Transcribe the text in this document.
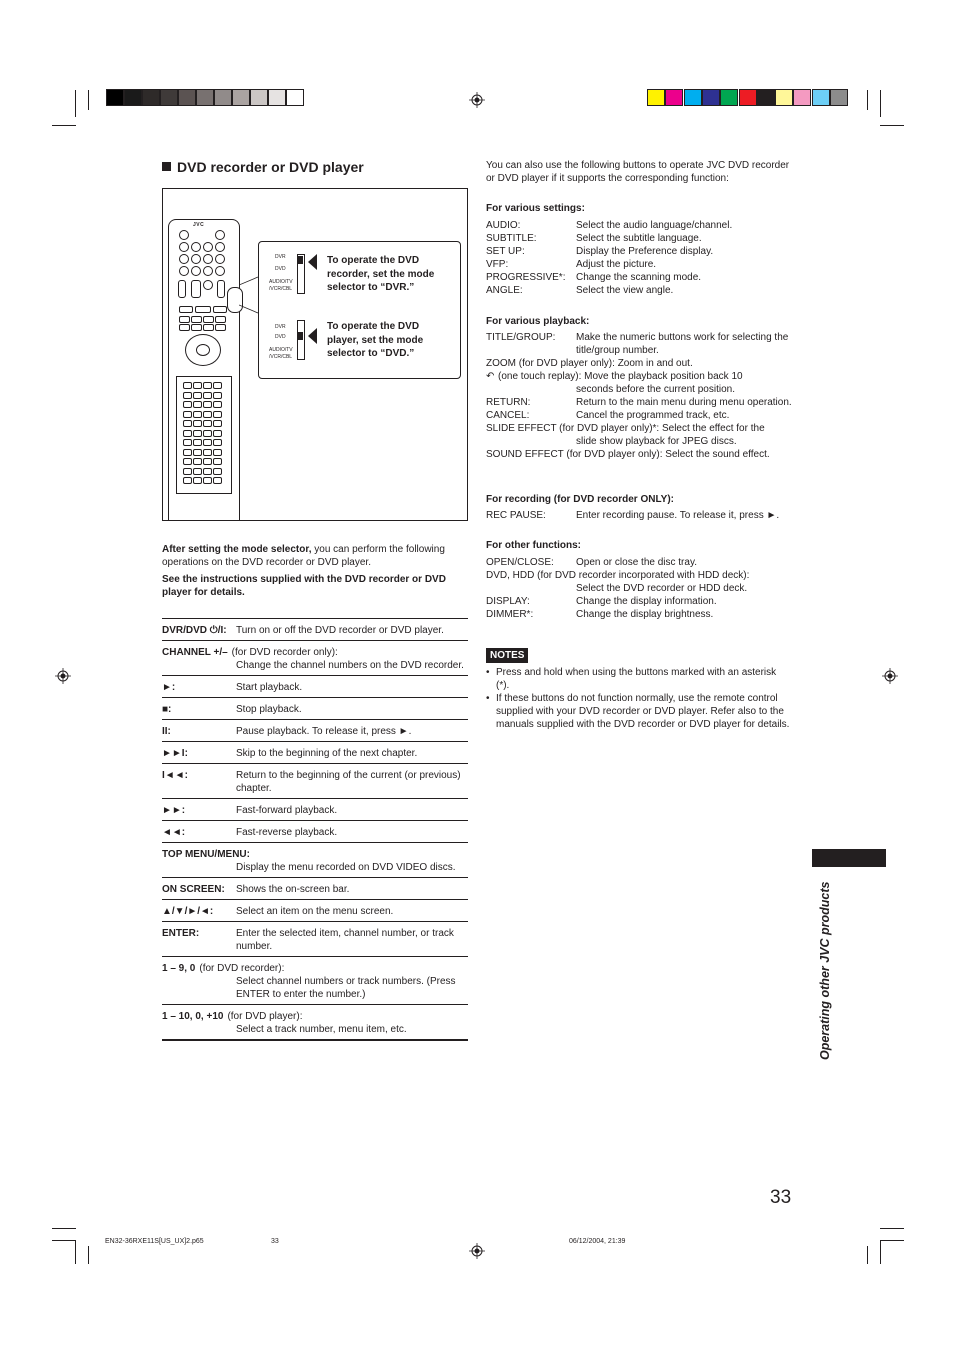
DVD recorder or DVD player
JVC
DVR
DVD
AUDIO/TV
/VCR/CBL
To operate the DVD recorder, set the mode selector to “DVR.”
DVR
DVD
AUDIO/TV
/VCR/CBL
To operate the DVD player, set the mode selector to “DVD.”
After setting the mode selector, you can perform the following operations on the DVD recorder or DVD player.
See the instructions supplied with the DVD recorder or DVD player for details.
DVR/DVD ⏻/I: Turn on or off the DVD recorder or DVD player.
CHANNEL +/– (for DVD recorder only):
Change the channel numbers on the DVD recorder.
►:	Start playback.
■:	Stop playback.
II:	Pause playback. To release it, press ►.
►►I:	Skip to the beginning of the next chapter.
I◄◄:	Return to the beginning of the current (or previous) chapter.
►►:	Fast-forward playback.
◄◄:	Fast-reverse playback.
TOP MENU/MENU:
Display the menu recorded on DVD VIDEO discs.
ON SCREEN: Shows the on-screen bar.
▲/▼/►/◄: Select an item on the menu screen.
ENTER:	Enter the selected item, channel number, or track number.
1 – 9, 0 (for DVD recorder):
Select channel numbers or track numbers. (Press ENTER to enter the number.)
1 – 10, 0, +10 (for DVD player):
Select a track number, menu item, etc.
You can also use the following buttons to operate JVC DVD recorder or DVD player if it supports the corresponding function:
For various settings:
AUDIO:	Select the audio language/channel.
SUBTITLE:	Select the subtitle language.
SET UP:	Display the Preference display.
VFP:	Adjust the picture.
PROGRESSIVE*:	Change the scanning mode.
ANGLE:	Select the view angle.
For various playback:
TITLE/GROUP:	Make the numeric buttons work for selecting the title/group number.
ZOOM (for DVD player only): Zoom in and out.
↶ (one touch replay): Move the playback position back 10
seconds before the current position.
RETURN:	Return to the main menu during menu operation.
CANCEL:	Cancel the programmed track, etc.
SLIDE EFFECT (for DVD player only)*: Select the effect for the
slide show playback for JPEG discs.
SOUND EFFECT (for DVD player only): Select the sound effect.
For recording (for DVD recorder ONLY):
REC PAUSE:	Enter recording pause. To release it, press ►.
For other functions:
OPEN/CLOSE:	Open or close the disc tray.
DVD, HDD (for DVD recorder incorporated with HDD deck):
Select the DVD recorder or HDD deck.
DISPLAY:	Change the display information.
DIMMER*:	Change the display brightness.
NOTES
• Press and hold when using the buttons marked with an asterisk (*).
• If these buttons do not function normally, use the remote control supplied with your DVD recorder or DVD player. Refer also to the manuals supplied with the DVD recorder or DVD player for details.
Operating other JVC products
33
EN32-36RXE11S[US_UX]2.p65	33	06/12/2004, 21:39
